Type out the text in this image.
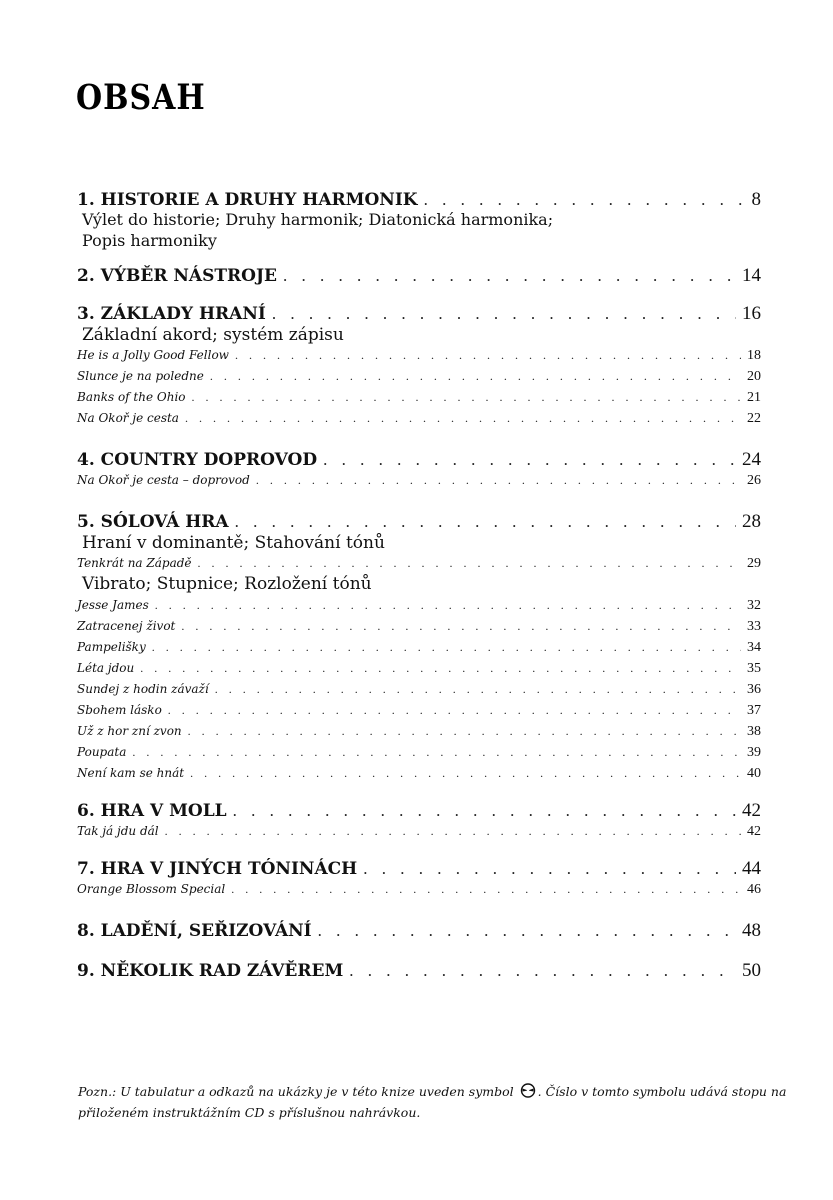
OBSAH
1. HISTORIE A DRUHY HARMONIK . . .	8
Výlet do historie; Druhy harmonik; Diatonická harmonika;
Popis harmoniky
2. VÝBĚR NÁSTROJE . . .	14
3. ZÁKLADY HRANÍ . . .	16
Základní akord; systém zápisu
He is a Jolly Good Fellow . . .	18
Slunce je na poledne . . .	20
Banks of the Ohio . . .	21
Na Okoř je cesta . . .	22
4. COUNTRY DOPROVOD . . .	24
Na Okoř je cesta – doprovod . . .	26
5. SÓLOVÁ HRA . . .	28
Hraní v dominantě; Stahování tónů
Tenkrát na Západě . . .	29
Vibrato; Stupnice; Rozložení tónů
Jesse James . . .	32
Zatracenej život . . .	33
Pampelišky . . .	34
Léta jdou . . .	35
Sundej z hodin závaží . . .	36
Sbohem lásko . . .	37
Už z hor zní zvon . . .	38
Poupata . . .	39
Není kam se hnát . . .	40
6. HRA V MOLL . . .	42
Tak já jdu dál . . .	42
7. HRA V JINÝCH TÓNINÁCH . . .	44
Orange Blossom Special . . .	46
8. LADĚNÍ, SEŘIZOVÁNÍ . . .	48
9. NĚKOLIK RAD ZÁVĚREM . . .	50
Pozn.: U tabulatur a odkazů na ukázky je v této knize uveden symbol . Číslo v tomto symbolu udává stopu na přiloženém instruktážním CD s příslušnou nahrávkou.
